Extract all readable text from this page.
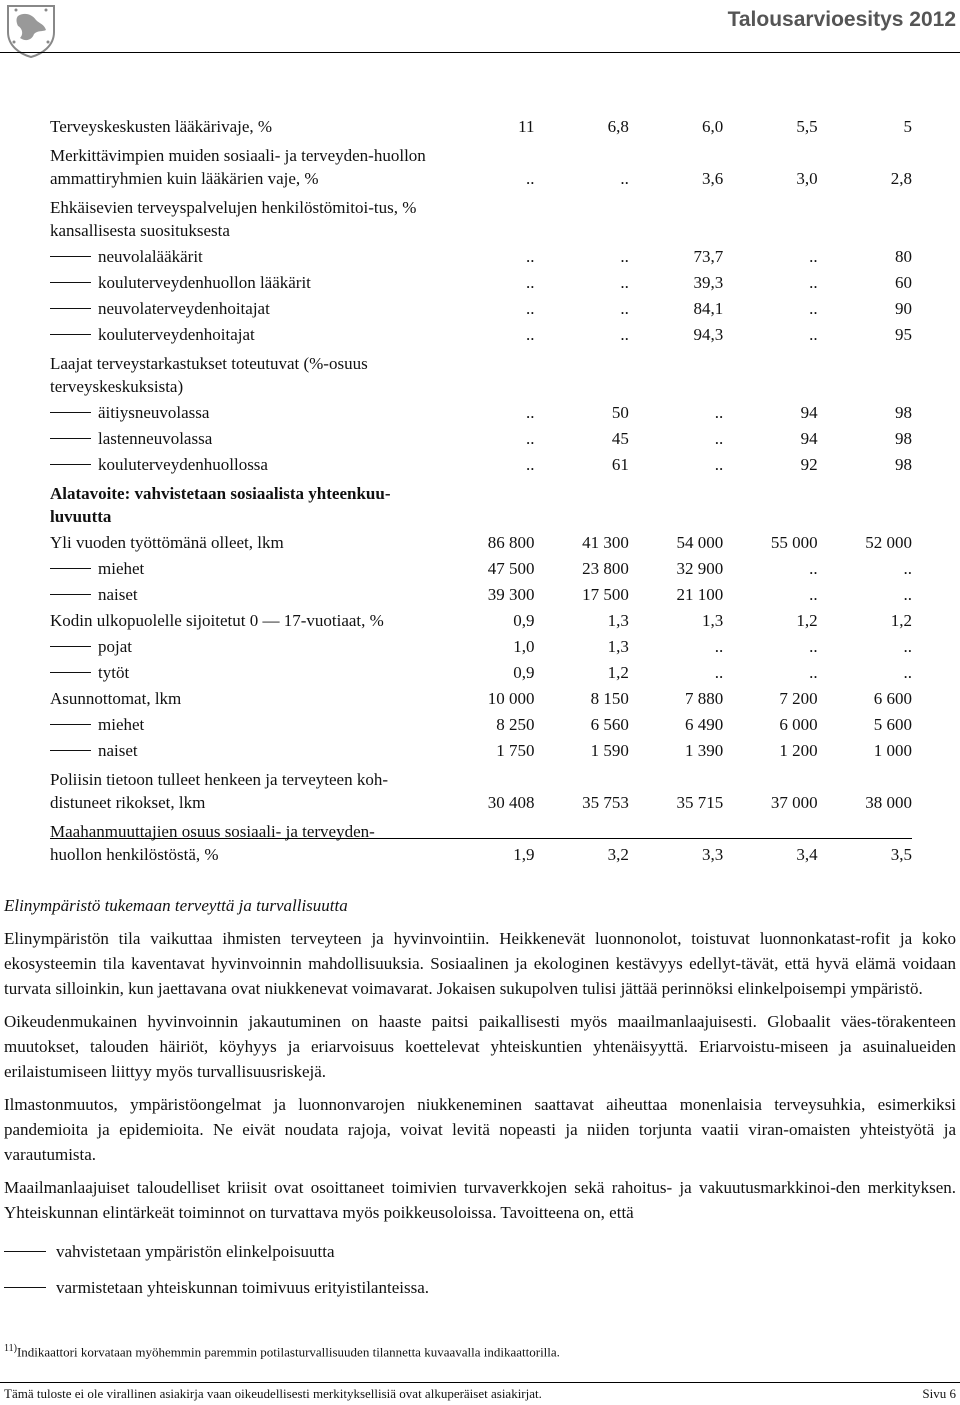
Talousarvioesitys 2012
Terveyskeskusten lääkärivaje, %	11	6,8	6,0	5,5	5
Merkittävimpien muiden sosiaali- ja terveyden-huollon ammattiryhmien kuin lääkärien vaje, %	..	..	3,6	3,0	2,8
Ehkäisevien terveyspalvelujen henkilöstömitoi-tus, % kansallisesta suosituksesta					
neuvolalääkärit	..	..	73,7	..	80
kouluterveydenhuollon lääkärit	..	..	39,3	..	60
neuvolaterveydenhoitajat	..	..	84,1	..	90
kouluterveydenhoitajat	..	..	94,3	..	95
Laajat terveystarkastukset toteutuvat (%-osuus terveyskeskuksista)					
äitiysneuvolassa	..	50	..	94	98
lastenneuvolassa	..	45	..	94	98
kouluterveydenhuollossa	..	61	..	92	98
Alatavoite: vahvistetaan sosiaalista yhteenkuu-luvuutta					
Yli vuoden työttömänä olleet, lkm	86 800	41 300	54 000	55 000	52 000
miehet	47 500	23 800	32 900	..	..
naiset	39 300	17 500	21 100	..	..
Kodin ulkopuolelle sijoitetut 0 — 17-vuotiaat, %	0,9	1,3	1,3	1,2	1,2
pojat	1,0	1,3	..	..	..
tytöt	0,9	1,2	..	..	..
Asunnottomat, lkm	10 000	8 150	7 880	7 200	6 600
miehet	8 250	6 560	6 490	6 000	5 600
naiset	1 750	1 590	1 390	1 200	1 000
Poliisin tietoon tulleet henkeen ja terveyteen koh-distuneet rikokset, lkm	30 408	35 753	35 715	37 000	38 000
Maahanmuuttajien osuus sosiaali- ja terveyden-huollon henkilöstöstä, %	1,9	3,2	3,3	3,4	3,5

Elinympäristö tukemaan terveyttä ja turvallisuutta

Elinympäristön tila vaikuttaa ihmisten terveyteen ja hyvinvointiin. Heikkenevät luonnonolot, toistuvat luonnonkatast-rofit ja koko ekosysteemin tila kaventavat hyvinvoinnin mahdollisuuksia. Sosiaalinen ja ekologinen kestävyys edellyt-tävät, että hyvä elämä voidaan turvata silloinkin, kun jaettavana ovat niukkenevat voimavarat. Jokaisen sukupolven tulisi jättää perinnöksi elinkelpoisempi ympäristö.

Oikeudenmukainen hyvinvoinnin jakautuminen on haaste paitsi paikallisesti myös maailmanlaajuisesti. Globaalit väes-törakenteen muutokset, talouden häiriöt, köyhyys ja eriarvoisuus koettelevat yhteiskuntien yhtenäisyyttä. Eriarvoistu-miseen ja asuinalueiden erilaistumiseen liittyy myös turvallisuusriskejä.

Ilmastonmuutos, ympäristöongelmat ja luonnonvarojen niukkeneminen saattavat aiheuttaa monenlaisia terveysuhkia, esimerkiksi pandemioita ja epidemioita. Ne eivät noudata rajoja, voivat levitä nopeasti ja niiden torjunta vaatii viran-omaisten yhteistyötä ja varautumista.

Maailmanlaajuiset taloudelliset kriisit ovat osoittaneet toimivien turvaverkkojen sekä rahoitus- ja vakuutusmarkkinoi-den merkityksen. Yhteiskunnan elintärkeät toiminnot on turvattava myös poikkeusoloissa. Tavoitteena on, että

vahvistetaan ympäristön elinkelpoisuutta
varmistetaan yhteiskunnan toimivuus erityistilanteissa.
$^{11)}$Indikaattori korvataan myöhemmin paremmin potilasturvallisuuden tilannetta kuvaavalla indikaattorilla.
Tämä tuloste ei ole virallinen asiakirja vaan oikeudellisesti merkityksellisiä ovat alkuperäiset asiakirjat.	Sivu 6
